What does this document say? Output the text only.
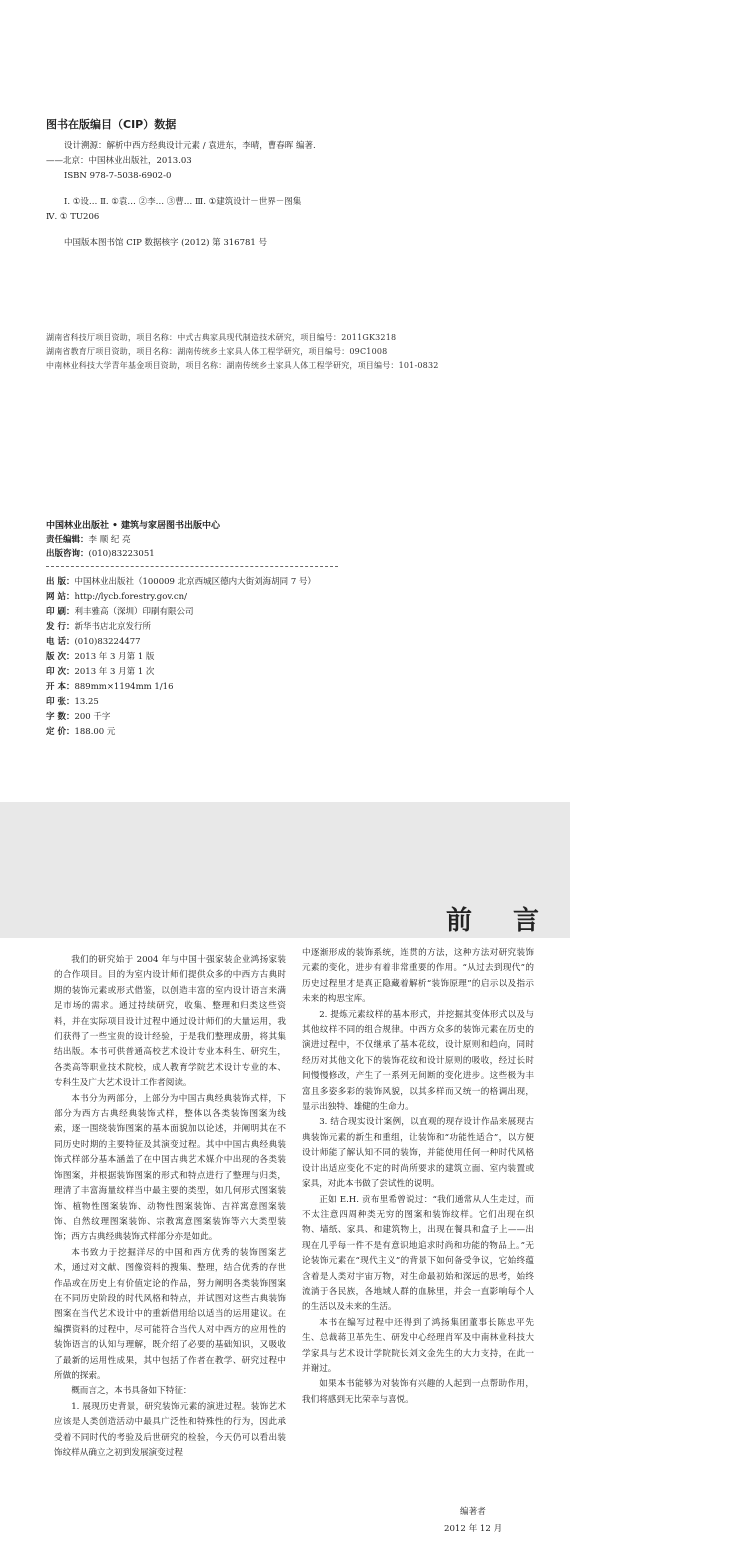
图书在版编目（CIP）数据
设计溯源：解析中西方经典设计元素 / 袁进东，李晴，曹春晖 编著.
——北京：中国林业出版社，2013.03
ISBN 978-7-5038-6902-0
Ⅰ. ①设… Ⅱ. ①袁… ②李… ③曹… Ⅲ. ①建筑设计－世界－图集
Ⅳ. ① TU206
中国版本图书馆 CIP 数据核字 (2012) 第 316781 号
湖南省科技厅项目资助，项目名称：中式古典家具现代制造技术研究，项目编号：2011GK3218
湖南省教育厅项目资助，项目名称：湖南传统乡土家具人体工程学研究，项目编号：09C1008
中南林业科技大学青年基金项目资助，项目名称：湖南传统乡土家具人体工程学研究，项目编号：101-0832
中国林业出版社 • 建筑与家居图书出版中心
责任编辑：李 顺 纪 亮
出版咨询：(010)83223051
出 版：中国林业出版社（100009 北京西城区德内大街刘海胡同 7 号）
网 站：http://lycb.forestry.gov.cn/
印 刷：利丰雅高（深圳）印刷有限公司
发 行：新华书店北京发行所
电 话：(010)83224477
版 次：2013 年 3 月第 1 版
印 次：2013 年 3 月第 1 次
开 本：889mm×1194mm 1/16
印 张：13.25
字 数：200 千字
定 价：188.00 元
前 言

我们的研究始于 2004 年与中国十强家装企业鸿扬家装的合作项目。目的为室内设计师们提供众多的中西方古典时期的装饰元素或形式借鉴，以创造丰富的室内设计语言来满足市场的需求。通过持续研究，收集、整理和归类这些资料，并在实际项目设计过程中通过设计师们的大量运用，我们获得了一些宝贵的设计经验，于是我们整理成册，将其集结出版。本书可供普通高校艺术设计专业本科生、研究生，各类高等职业技术院校，成人教育学院艺术设计专业的本、专科生及广大艺术设计工作者阅读。

本书分为两部分，上部分为中国古典经典装饰式样，下部分为西方古典经典装饰式样，整体以各类装饰图案为线索，逐一围绕装饰图案的基本面貌加以论述，并阐明其在不同历史时期的主要特征及其演变过程。其中中国古典经典装饰式样部分基本涵盖了在中国古典艺术媒介中出现的各类装饰图案，并根据装饰图案的形式和特点进行了整理与归类，理清了丰富海量纹样当中最主要的类型，如几何形式图案装饰、植物性图案装饰、动物性图案装饰、吉祥寓意图案装饰、自然纹理图案装饰、宗教寓意图案装饰等六大类型装饰；西方古典经典装饰式样部分亦是如此。

本书致力于挖掘洋尽的中国和西方优秀的装饰图案艺术，通过对文献、图像资料的搜集、整理，结合优秀的存世作品或在历史上有价值定论的作品，努力阐明各类装饰图案在不同历史阶段的时代风格和特点，并试图对这些古典装饰图案在当代艺术设计中的重新借用给以适当的运用建议。在编撰资料的过程中，尽可能符合当代人对中西方的应用性的装饰语言的认知与理解，既介绍了必要的基础知识，又吸收了最新的运用性成果，其中包括了作者在教学、研究过程中所做的探索。

概而言之，本书具备如下特征：

1. 展现历史背景，研究装饰元素的演进过程。装饰艺术应该是人类创造活动中最具广泛性和特殊性的行为，因此承受着不同时代的考验及后世研究的检验，今天仍可以看出装饰纹样从确立之初到发展演变过程

中逐渐形成的装饰系统，连贯的方法，这种方法对研究装饰元素的变化，进步有着非常重要的作用。“从过去到现代”的历史过程里才是真正隐藏着解析“装饰原理”的启示以及指示未来的构思宝库。

2. 提炼元素纹样的基本形式，并挖掘其变体形式以及与其他纹样不同的组合规律。中西方众多的装饰元素在历史的演进过程中，不仅继承了基本花纹，设计原则和趋向，同时经历对其他文化下的装饰花纹和设计原则的吸收，经过长时间慢慢修改，产生了一系列无间断的变化进步。这些极为丰富且多姿多彩的装饰风貌，以其多样而又统一的格调出现，显示出独特、雄健的生命力。

3. 结合现实设计案例，以直观的现存设计作品来展现古典装饰元素的新生和重组，让装饰和“功能性适合”，以方便设计师能了解认知不同的装饰，并能使用任何一种时代风格设计出适应变化不定的时尚所要求的建筑立面、室内装置或家具，对此本书做了尝试性的说明。

正如 E.H. 贡布里希曾说过：“我们通常从人生走过，而不太注意四周种类无穷的图案和装饰纹样。它们出现在织物、墙纸、家具、和建筑物上，出现在餐具和盒子上——出现在几乎每一件不是有意识地追求时尚和功能的物品上。”无论装饰元素在“现代主义”的背景下如何备受争议，它始终蕴含着是人类对宇宙万物，对生命最初始和深远的思考，始终流淌于各民族，各地域人群的血脉里，并会一直影响每个人的生活以及未来的生活。

本书在编写过程中还得到了鸿扬集团董事长陈忠平先生、总裁蒋卫革先生、研发中心经理肖军及中南林业科技大学家具与艺术设计学院院长刘文金先生的大力支持，在此一并谢过。

如果本书能够为对装饰有兴趣的人起到一点帮助作用，我们将感到无比荣幸与喜悦。

编著者
2012 年 12 月
